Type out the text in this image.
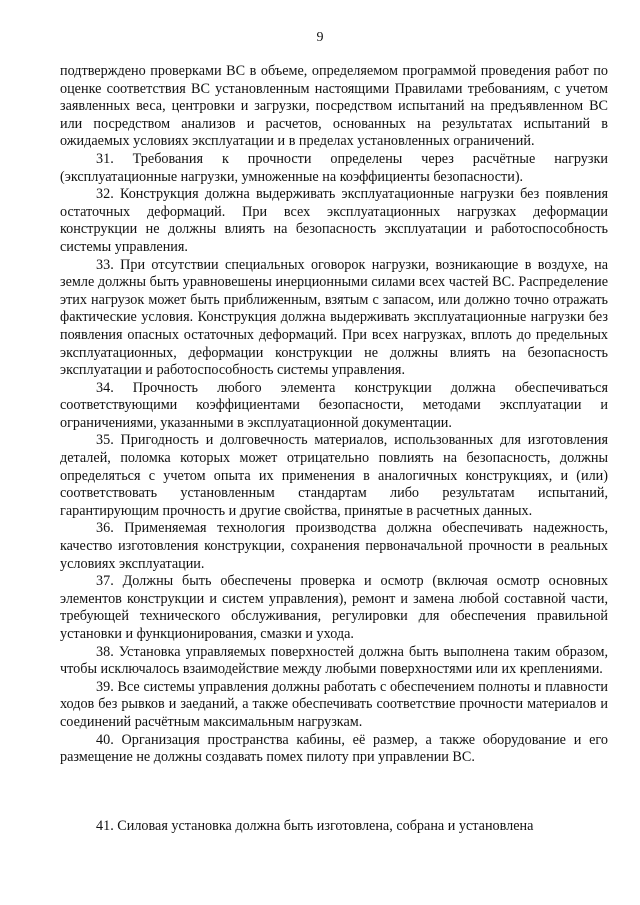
9

подтверждено проверками ВС в объеме, определяемом программой проведения работ по оценке соответствия ВС установленным настоящими Правилами требованиям, с учетом заявленных веса, центровки и загрузки, посредством испытаний на предъявленном ВС или посредством анализов и расчетов, основанных на результатах испытаний в ожидаемых условиях эксплуатации и в пределах установленных ограничений.

31. Требования к прочности определены через расчётные нагрузки (эксплуатационные нагрузки, умноженные на коэффициенты безопасности).

32. Конструкция должна выдерживать эксплуатационные нагрузки без появления остаточных деформаций. При всех эксплуатационных нагрузках деформации конструкции не должны влиять на безопасность эксплуатации и работоспособность системы управления.

33. При отсутствии специальных оговорок нагрузки, возникающие в воздухе, на земле должны быть уравновешены инерционными силами всех частей ВС. Распределение этих нагрузок может быть приближенным, взятым с запасом, или должно точно отражать фактические условия. Конструкция должна выдерживать эксплуатационные нагрузки без появления опасных остаточных деформаций. При всех нагрузках, вплоть до предельных эксплуатационных, деформации конструкции не должны влиять на безопасность эксплуатации и работоспособность системы управления.

34. Прочность любого элемента конструкции должна обеспечиваться соответствующими коэффициентами безопасности, методами эксплуатации и ограничениями, указанными в эксплуатационной документации.

35. Пригодность и долговечность материалов, использованных для изготовления деталей, поломка которых может отрицательно повлиять на безопасность, должны определяться с учетом опыта их применения в аналогичных конструкциях, и (или) соответствовать установленным стандартам либо результатам испытаний, гарантирующим прочность и другие свойства, принятые в расчетных данных.

36. Применяемая технология производства должна обеспечивать надежность, качество изготовления конструкции, сохранения первоначальной прочности в реальных условиях эксплуатации.

37. Должны быть обеспечены проверка и осмотр (включая осмотр основных элементов конструкции и систем управления), ремонт и замена любой составной части, требующей технического обслуживания, регулировки для обеспечения правильной установки и функционирования, смазки и ухода.

38. Установка управляемых поверхностей должна быть выполнена таким образом, чтобы исключалось взаимодействие между любыми поверхностями или их креплениями.

39. Все системы управления должны работать с обеспечением полноты и плавности ходов без рывков и заеданий, а также обеспечивать соответствие прочности материалов и соединений расчётным максимальным нагрузкам.

40. Организация пространства кабины, её размер, а также оборудование и его размещение не должны создавать помех пилоту при управлении ВС.

41. Силовая установка должна быть изготовлена, собрана и установлена
